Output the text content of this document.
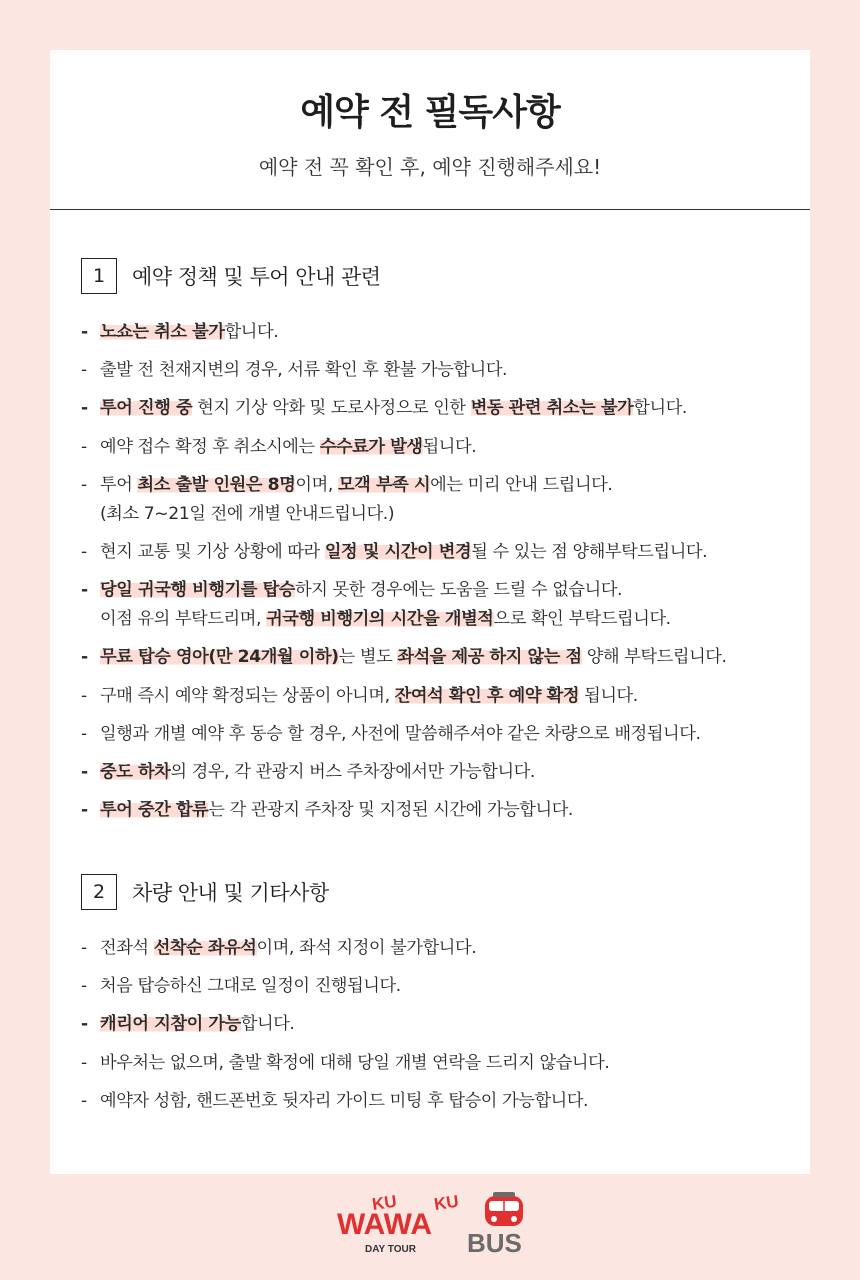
예약 전 필독사항
예약 전 꼭 확인 후, 예약 진행해주세요!
1	예약 정책 및 투어 안내 관련
- 노쇼는 취소 불가합니다.
- 출발 전 천재지변의 경우, 서류 확인 후 환불 가능합니다.
- 투어 진행 중 현지 기상 악화 및 도로사정으로 인한 변동 관련 취소는 불가합니다.
- 예약 접수 확정 후 취소시에는 수수료가 발생됩니다.
- 투어 최소 출발 인원은 8명이며, 모객 부족 시에는 미리 안내 드립니다.
(최소 7~21일 전에 개별 안내드립니다.)
- 현지 교통 및 기상 상황에 따라 일정 및 시간이 변경될 수 있는 점 양해부탁드립니다.
- 당일 귀국행 비행기를 탑승하지 못한 경우에는 도움을 드릴 수 없습니다.
이점 유의 부탁드리며, 귀국행 비행기의 시간을 개별적으로 확인 부탁드립니다.
- 무료 탑승 영아(만 24개월 이하)는 별도 좌석을 제공 하지 않는 점 양해 부탁드립니다.
- 구매 즉시 예약 확정되는 상품이 아니며, 잔여석 확인 후 예약 확정 됩니다.
- 일행과 개별 예약 후 동승 할 경우, 사전에 말씀해주셔야 같은 차량으로 배정됩니다.
- 중도 하차의 경우, 각 관광지 버스 주차장에서만 가능합니다.
- 투어 중간 합류는 각 관광지 주차장 및 지정된 시간에 가능합니다.
2	차량 안내 및 기타사항
- 전좌석 선착순 좌유석이며, 좌석 지정이 불가합니다.
- 처음 탑승하신 그대로 일정이 진행됩니다.
- 캐리어 지참이 가능합니다.
- 바우처는 없으며, 출발 확정에 대해 당일 개별 연락을 드리지 않습니다.
- 예약자 성함, 핸드폰번호 뒷자리 가이드 미팅 후 탑승이 가능합니다.
WAWA
KU KU
BUS
DAY TOUR
